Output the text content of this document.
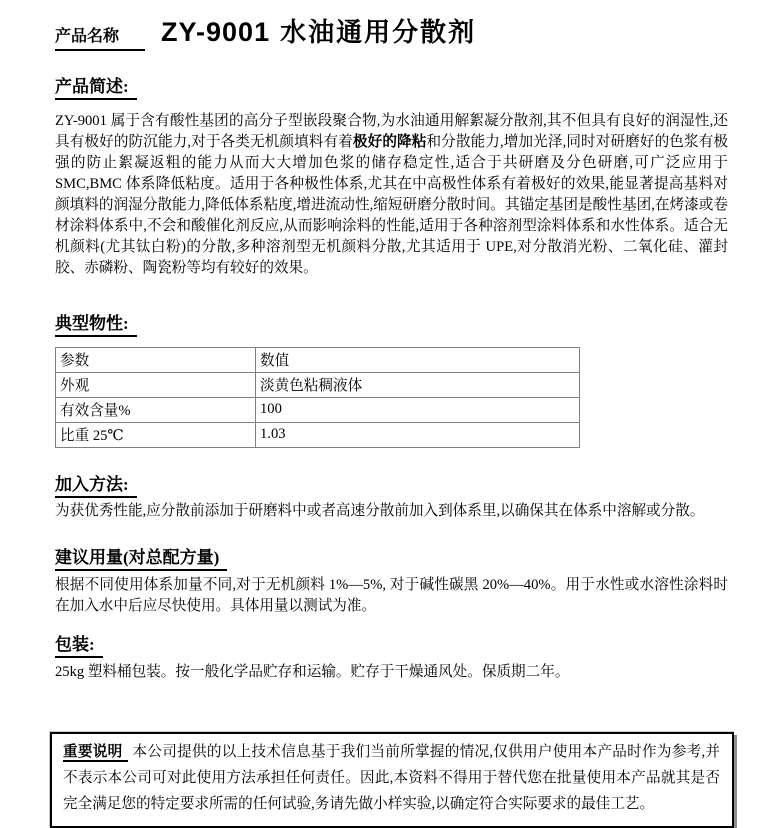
产品名称	ZY-9001 水油通用分散剂
产品简述:

ZY-9001 属于含有酸性基团的高分子型嵌段聚合物,为水油通用解絮凝分散剂,其不但具有良好的润湿性,还具有极好的防沉能力,对于各类无机颜填料有着极好的降粘和分散能力,增加光泽,同时对研磨好的色浆有极强的防止絮凝返粗的能力从而大大增加色浆的储存稳定性,适合于共研磨及分色研磨,可广泛应用于 SMC,BMC 体系降低粘度。适用于各种极性体系,尤其在中高极性体系有着极好的效果,能显著提高基料对颜填料的润湿分散能力,降低体系粘度,增进流动性,缩短研磨分散时间。其锚定基团是酸性基团,在烤漆或卷材涂料体系中,不会和酸催化剂反应,从而影响涂料的性能,适用于各种溶剂型涂料体系和水性体系。适合无机颜料(尤其钛白粉)的分散,多种溶剂型无机颜料分散,尤其适用于 UPE,对分散消光粉、二氧化硅、灌封胶、赤磷粉、陶瓷粉等均有较好的效果。

典型物性:
参数	数值
外观	淡黄色粘稠液体
有效含量%	100
比重 25℃	1.03
加入方法:

为获优秀性能,应分散前添加于研磨料中或者高速分散前加入到体系里,以确保其在体系中溶解或分散。

建议用量(对总配方量)

根据不同使用体系加量不同,对于无机颜料 1%—5%, 对于碱性碳黑 20%—40%。用于水性或水溶性涂料时在加入水中后应尽快使用。具体用量以测试为准。

包装:

25kg 塑料桶包装。按一般化学品贮存和运输。贮存于干燥通风处。保质期二年。

重要说明 本公司提供的以上技术信息基于我们当前所掌握的情况,仅供用户使用本产品时作为参考,并不表示本公司可对此使用方法承担任何责任。因此,本资料不得用于替代您在批量使用本产品就其是否完全满足您的特定要求所需的任何试验,务请先做小样实验,以确定符合实际要求的最佳工艺。
